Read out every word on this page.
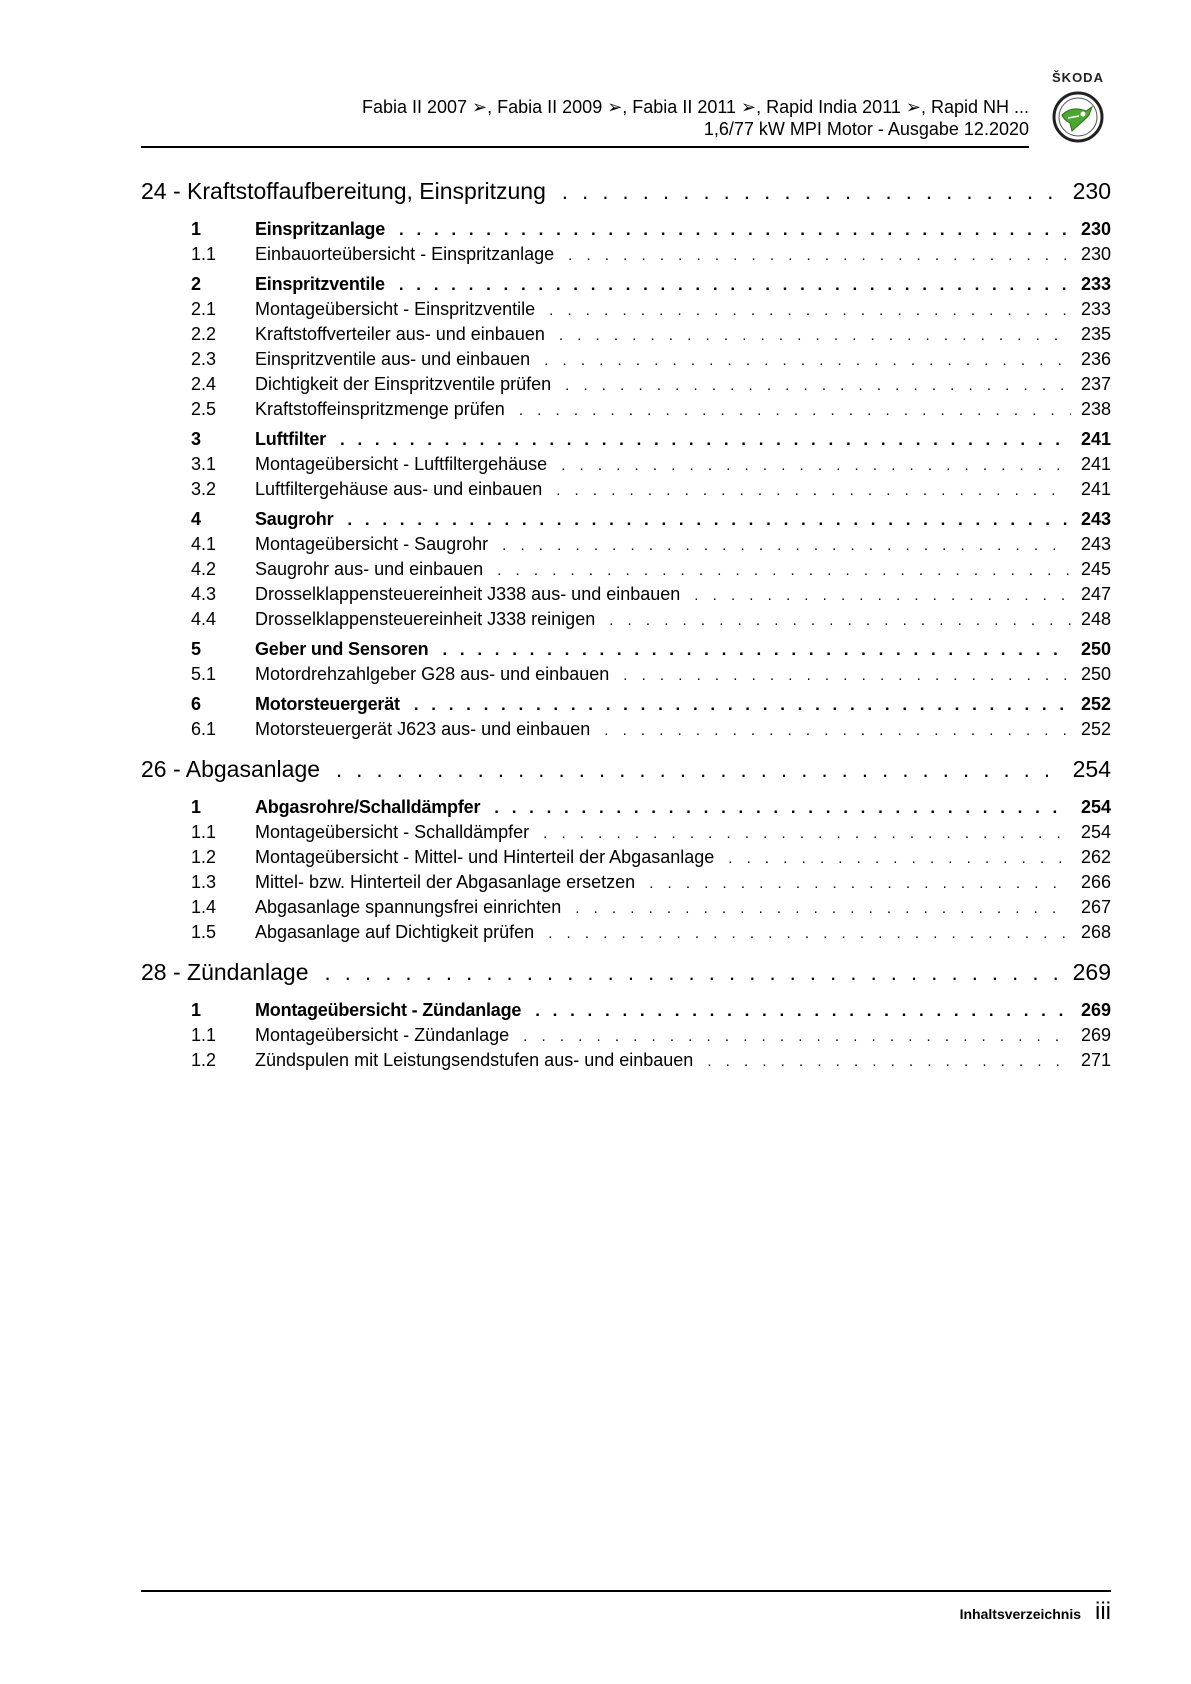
Fabia II 2007 ➢, Fabia II 2009 ➢, Fabia II 2011 ➢, Rapid India 2011 ➢, Rapid NH ...
1,6/77 kW MPI Motor - Ausgabe 12.2020
ŠKODA
24 - Kraftstoffaufbereitung, Einspritzung . . .	230
1	Einspritzanlage . . .	230
1.1	Einbauorteübersicht - Einspritzanlage . . .	230
2	Einspritzventile . . .	233
2.1	Montageübersicht - Einspritzventile . . .	233
2.2	Kraftstoffverteiler aus- und einbauen . . .	235
2.3	Einspritzventile aus- und einbauen . . .	236
2.4	Dichtigkeit der Einspritzventile prüfen . . .	237
2.5	Kraftstoffeinspritzmenge prüfen . . .	238
3	Luftfilter . . .	241
3.1	Montageübersicht - Luftfiltergehäuse . . .	241
3.2	Luftfiltergehäuse aus- und einbauen . . .	241
4	Saugrohr . . .	243
4.1	Montageübersicht - Saugrohr . . .	243
4.2	Saugrohr aus- und einbauen . . .	245
4.3	Drosselklappensteuereinheit J338 aus- und einbauen . . .	247
4.4	Drosselklappensteuereinheit J338 reinigen . . .	248
5	Geber und Sensoren . . .	250
5.1	Motordrehzahlgeber G28 aus- und einbauen . . .	250
6	Motorsteuergerät . . .	252
6.1	Motorsteuergerät J623 aus- und einbauen . . .	252
26 - Abgasanlage . . .	254
1	Abgasrohre/Schalldämpfer . . .	254
1.1	Montageübersicht - Schalldämpfer . . .	254
1.2	Montageübersicht - Mittel- und Hinterteil der Abgasanlage . . .	262
1.3	Mittel- bzw. Hinterteil der Abgasanlage ersetzen . . .	266
1.4	Abgasanlage spannungsfrei einrichten . . .	267
1.5	Abgasanlage auf Dichtigkeit prüfen . . .	268
28 - Zündanlage . . .	269
1	Montageübersicht - Zündanlage . . .	269
1.1	Montageübersicht - Zündanlage . . .	269
1.2	Zündspulen mit Leistungsendstufen aus- und einbauen . . .	271
Inhaltsverzeichnis iii
